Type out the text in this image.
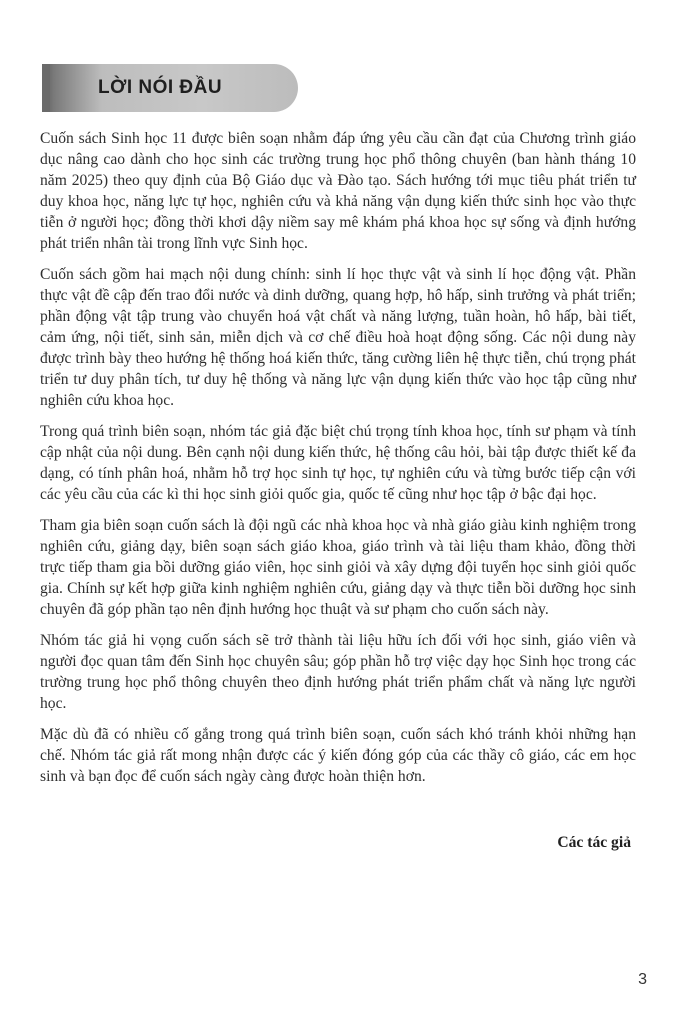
LỜI NÓI ĐẦU

Cuốn sách Sinh học 11 được biên soạn nhằm đáp ứng yêu cầu cần đạt của Chương trình giáo dục nâng cao dành cho học sinh các trường trung học phổ thông chuyên (ban hành tháng 10 năm 2025) theo quy định của Bộ Giáo dục và Đào tạo. Sách hướng tới mục tiêu phát triển tư duy khoa học, năng lực tự học, nghiên cứu và khả năng vận dụng kiến thức sinh học vào thực tiễn ở người học; đồng thời khơi dậy niềm say mê khám phá khoa học sự sống và định hướng phát triển nhân tài trong lĩnh vực Sinh học.

Cuốn sách gồm hai mạch nội dung chính: sinh lí học thực vật và sinh lí học động vật. Phần thực vật đề cập đến trao đổi nước và dinh dưỡng, quang hợp, hô hấp, sinh trưởng và phát triển; phần động vật tập trung vào chuyển hoá vật chất và năng lượng, tuần hoàn, hô hấp, bài tiết, cảm ứng, nội tiết, sinh sản, miễn dịch và cơ chế điều hoà hoạt động sống. Các nội dung này được trình bày theo hướng hệ thống hoá kiến thức, tăng cường liên hệ thực tiễn, chú trọng phát triển tư duy phân tích, tư duy hệ thống và năng lực vận dụng kiến thức vào học tập cũng như nghiên cứu khoa học.

Trong quá trình biên soạn, nhóm tác giả đặc biệt chú trọng tính khoa học, tính sư phạm và tính cập nhật của nội dung. Bên cạnh nội dung kiến thức, hệ thống câu hỏi, bài tập được thiết kế đa dạng, có tính phân hoá, nhằm hỗ trợ học sinh tự học, tự nghiên cứu và từng bước tiếp cận với các yêu cầu của các kì thi học sinh giỏi quốc gia, quốc tế cũng như học tập ở bậc đại học.

Tham gia biên soạn cuốn sách là đội ngũ các nhà khoa học và nhà giáo giàu kinh nghiệm trong nghiên cứu, giảng dạy, biên soạn sách giáo khoa, giáo trình và tài liệu tham khảo, đồng thời trực tiếp tham gia bồi dưỡng giáo viên, học sinh giỏi và xây dựng đội tuyển học sinh giỏi quốc gia. Chính sự kết hợp giữa kinh nghiệm nghiên cứu, giảng dạy và thực tiễn bồi dưỡng học sinh chuyên đã góp phần tạo nên định hướng học thuật và sư phạm cho cuốn sách này.

Nhóm tác giả hi vọng cuốn sách sẽ trở thành tài liệu hữu ích đối với học sinh, giáo viên và người đọc quan tâm đến Sinh học chuyên sâu; góp phần hỗ trợ việc dạy học Sinh học trong các trường trung học phổ thông chuyên theo định hướng phát triển phẩm chất và năng lực người học.

Mặc dù đã có nhiều cố gắng trong quá trình biên soạn, cuốn sách khó tránh khỏi những hạn chế. Nhóm tác giả rất mong nhận được các ý kiến đóng góp của các thầy cô giáo, các em học sinh và bạn đọc để cuốn sách ngày càng được hoàn thiện hơn.

Các tác giả
3
